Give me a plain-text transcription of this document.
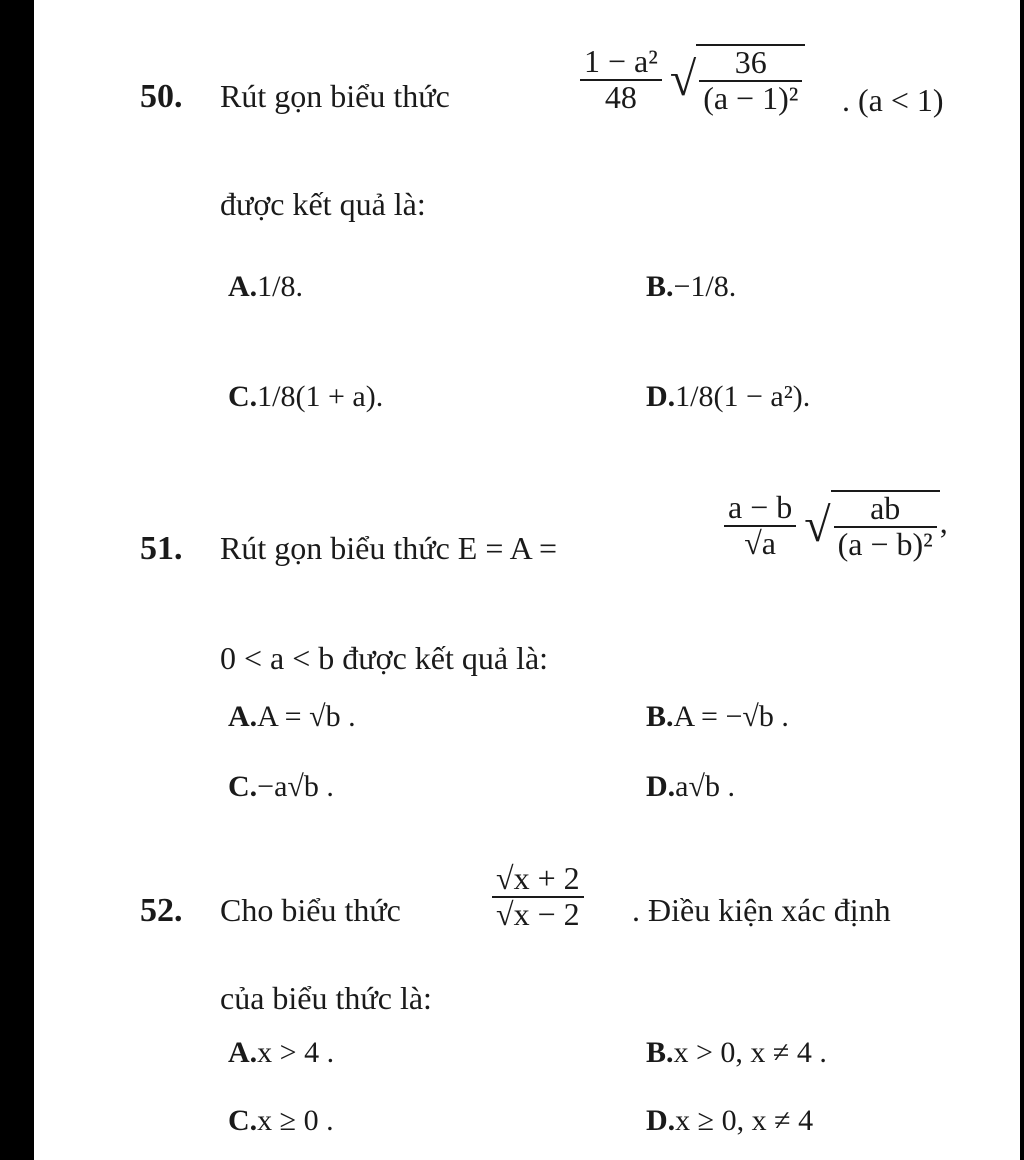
50. Rút gọn biểu thức	$\frac{\text{1 − a²}}{48}$ √ $\frac{36}{\text{(a − 1)²}}$ . (a < 1)
được kết quả là:
A.1/8.	B.−1/8.
C.1/8(1 + a).	D.1/8(1 − a²).
51. Rút gọn biểu thức E = A =	$\frac{a - b}{√a}$ √ $\frac{ab}{\text{(a − b)²}}$ ,
0 < a < b được kết quả là:
A.A = √b .	B.A = −√b .
C.−a√b .	D.a√b .
52. Cho biểu thức	$\frac{√x + 2}{√x - 2}$ . Điều kiện xác định
của biểu thức là:
A.x > 4 .	B.x > 0, x ≠ 4 .
C.x ≥ 0 .	D.x ≥ 0, x ≠ 4
